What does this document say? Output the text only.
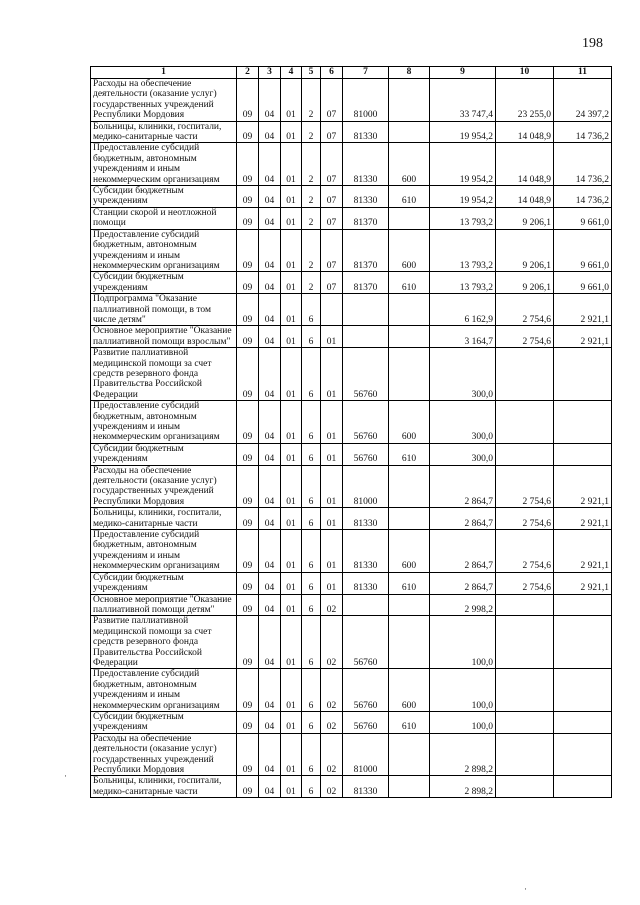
198
1	2	3	4	5	6	7	8	9	10	11
Расходы на обеспечение деятельности (оказание услуг) государственных учреждений Республики Мордовия	09	04	01	2	07	81000		33 747,4	23 255,0	24 397,2
Больницы, клиники, госпитали, медико-санитарные части	09	04	01	2	07	81330		19 954,2	14 048,9	14 736,2
Предоставление субсидий бюджетным, автономным учреждениям и иным некоммерческим организациям	09	04	01	2	07	81330	600	19 954,2	14 048,9	14 736,2
Субсидии бюджетным учреждениям	09	04	01	2	07	81330	610	19 954,2	14 048,9	14 736,2
Станции скорой и неотложной помощи	09	04	01	2	07	81370		13 793,2	9 206,1	9 661,0
Предоставление субсидий бюджетным, автономным учреждениям и иным некоммерческим организациям	09	04	01	2	07	81370	600	13 793,2	9 206,1	9 661,0
Субсидии бюджетным учреждениям	09	04	01	2	07	81370	610	13 793,2	9 206,1	9 661,0
Подпрограмма "Оказание паллиативной помощи, в том числе детям"	09	04	01	6				6 162,9	2 754,6	2 921,1
Основное мероприятие "Оказание паллиативной помощи взрослым"	09	04	01	6	01			3 164,7	2 754,6	2 921,1
Развитие паллиативной медицинской помощи за счет средств резервного фонда Правительства Российской Федерации	09	04	01	6	01	56760		300,0		
Предоставление субсидий бюджетным, автономным учреждениям и иным некоммерческим организациям	09	04	01	6	01	56760	600	300,0		
Субсидии бюджетным учреждениям	09	04	01	6	01	56760	610	300,0		
Расходы на обеспечение деятельности (оказание услуг) государственных учреждений Республики Мордовия	09	04	01	6	01	81000		2 864,7	2 754,6	2 921,1
Больницы, клиники, госпитали, медико-санитарные части	09	04	01	6	01	81330		2 864,7	2 754,6	2 921,1
Предоставление субсидий бюджетным, автономным учреждениям и иным некоммерческим организациям	09	04	01	6	01	81330	600	2 864,7	2 754,6	2 921,1
Субсидии бюджетным учреждениям	09	04	01	6	01	81330	610	2 864,7	2 754,6	2 921,1
Основное мероприятие "Оказание паллиативной помощи детям"	09	04	01	6	02			2 998,2		
Развитие паллиативной медицинской помощи за счет средств резервного фонда Правительства Российской Федерации	09	04	01	6	02	56760		100,0		
Предоставление субсидий бюджетным, автономным учреждениям и иным некоммерческим организациям	09	04	01	6	02	56760	600	100,0		
Субсидии бюджетным учреждениям	09	04	01	6	02	56760	610	100,0		
Расходы на обеспечение деятельности (оказание услуг) государственных учреждений Республики Мордовия	09	04	01	6	02	81000		2 898,2		
Больницы, клиники, госпитали, медико-санитарные части	09	04	01	6	02	81330		2 898,2		
·
·
